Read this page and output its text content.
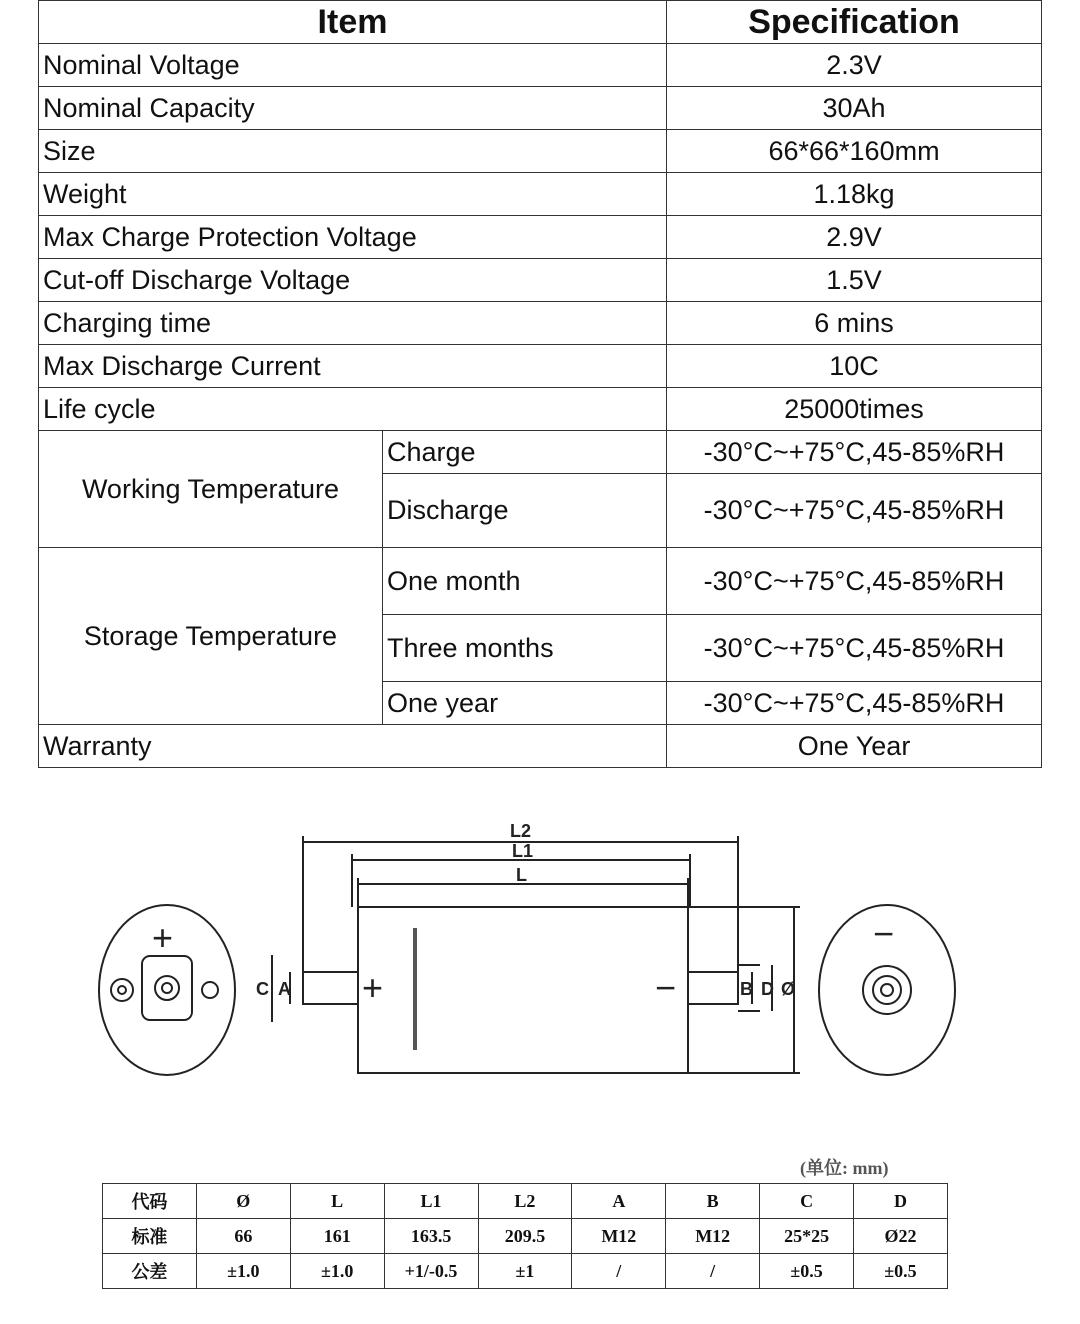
Item		Specification
Nominal Voltage		2.3V
Nominal Capacity		30Ah
Size		66*66*160mm
Weight		1.18kg
Max Charge Protection Voltage		2.9V
Cut-off Discharge Voltage		1.5V
Charging time		6 mins
Max Discharge Current		10C
Life cycle		25000times
Working Temperature	Charge	-30°C~+75°C,45-85%RH
	Discharge	-30°C~+75°C,45-85%RH
Storage Temperature	One month	-30°C~+75°C,45-85%RH
	Three months	-30°C~+75°C,45-85%RH
	One year	-30°C~+75°C,45-85%RH
Warranty		One Year
L2
L1
L
C A	B D Ø
+
+	−
−
(单位: mm)
代码	Ø	L	L1	L2	A	B	C	D
标准	66	161	163.5	209.5	M12	M12	25*25	Ø22
公差	±1.0	±1.0	+1/-0.5	±1	/	/	±0.5	±0.5
